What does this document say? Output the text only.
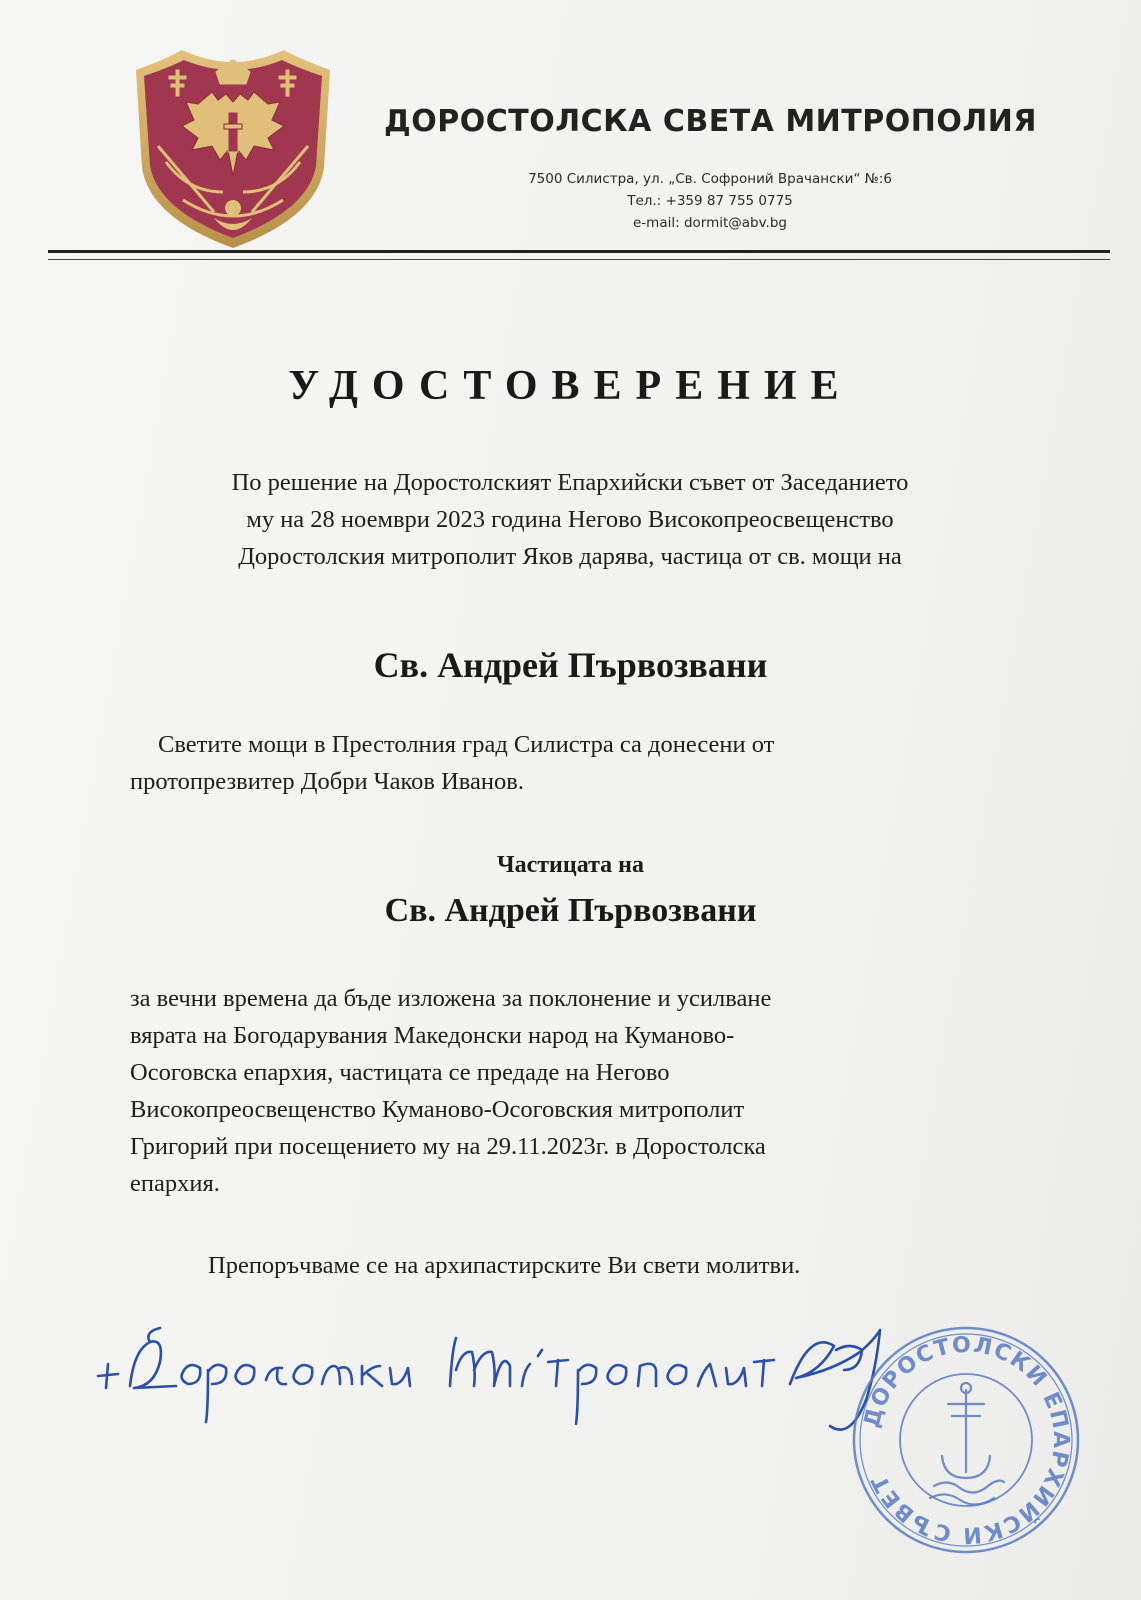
ДОРОСТОЛСКА СВЕТА МИТРОПОЛИЯ
7500 Силистра, ул. „Св. Софроний Врачански“ №:6
Тел.: +359 87 755 0775
e-mail: dormit@abv.bg
УДОСТОВЕРЕНИЕ
По решение на Доростолският Епархийски съвет от Заседанието
му на 28 ноември 2023 година Негово Високопреосвещенство
Доростолския митрополит Яков дарява, частица от св. мощи на
Св. Андрей Първозвани
Светите мощи в Престолния град Силистра са донесени от
протопрезвитер Добри Чаков Иванов.
Частицата на
Св. Андрей Първозвани
за вечни времена да бъде изложена за поклонение и усилване
вярата на Богодарувания Македонски народ на Куманово-
Осоговска епархия, частицата се предаде на Негово
Високопреосвещенство Куманово-Осоговския митрополит
Григорий при посещението му на 29.11.2023г. в Доростолска
епархия.
Препоръчваме се на архипастирските Ви свети молитви.
ДОРОСТОЛСКИ ЕПАРХИЙСКИ СЪВЕТ
